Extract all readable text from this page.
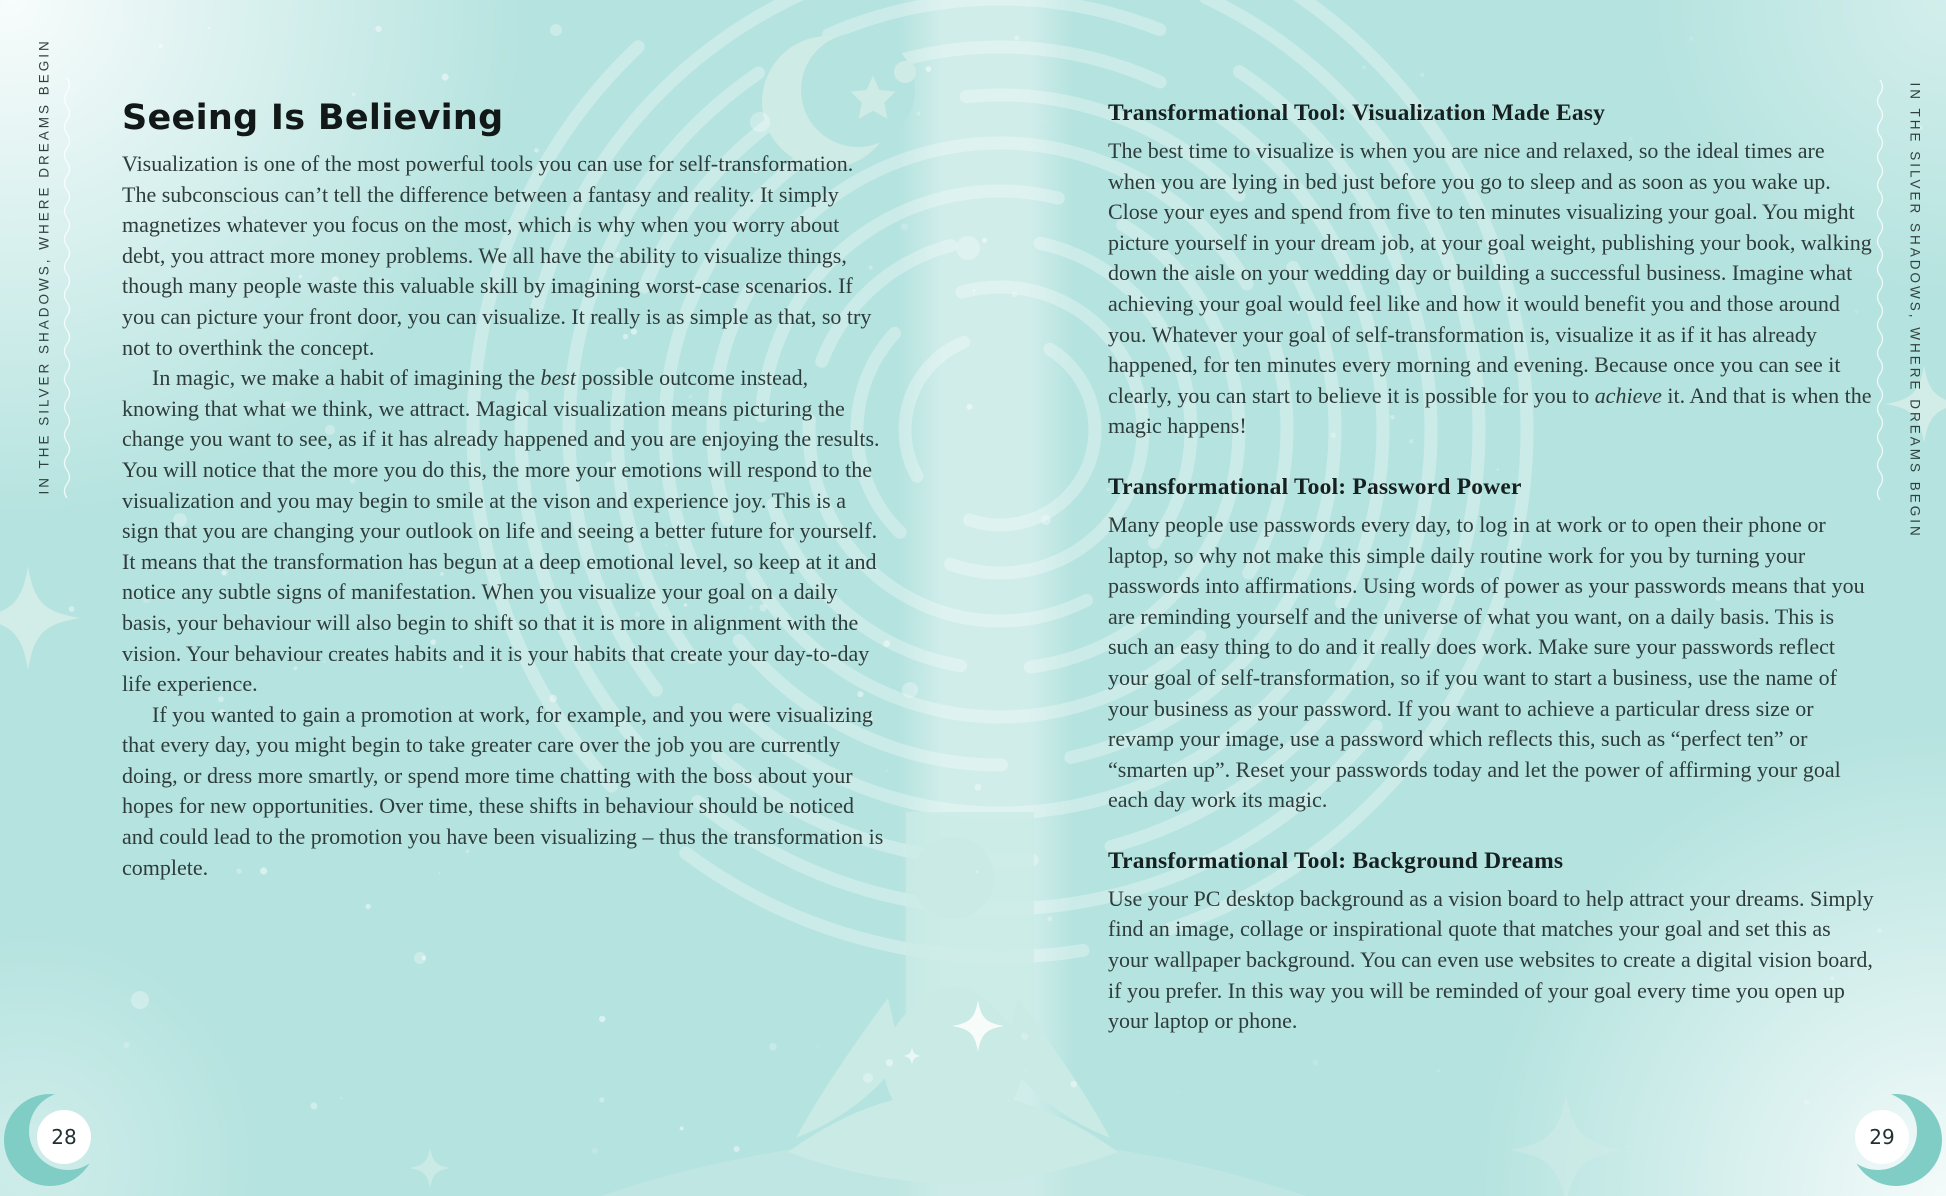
IN THE SILVER SHADOWS, WHERE DREAMS BEGIN	IN THE SILVER SHADOWS, WHERE DREAMS BEGIN
Seeing Is Believing

Visualization is one of the most powerful tools you can use for self-transformation. The subconscious can’t tell the difference between a fantasy and reality. It simply magnetizes whatever you focus on the most, which is why when you worry about debt, you attract more money problems. We all have the ability to visualize things, though many people waste this valuable skill by imagining worst-case scenarios. If you can picture your front door, you can visualize. It really is as simple as that, so try not to overthink the concept.

In magic, we make a habit of imagining the best possible outcome instead, knowing that what we think, we attract. Magical visualization means picturing the change you want to see, as if it has already happened and you are enjoying the results. You will notice that the more you do this, the more your emotions will respond to the visualization and you may begin to smile at the vison and experience joy. This is a sign that you are changing your outlook on life and seeing a better future for yourself. It means that the transformation has begun at a deep emotional level, so keep at it and notice any subtle signs of manifestation. When you visualize your goal on a daily basis, your behaviour will also begin to shift so that it is more in alignment with the vision. Your behaviour creates habits and it is your habits that create your day-to-day life experience.

If you wanted to gain a promotion at work, for example, and you were visualizing that every day, you might begin to take greater care over the job you are currently doing, or dress more smartly, or spend more time chatting with the boss about your hopes for new opportunities. Over time, these shifts in behaviour should be noticed and could lead to the promotion you have been visualizing – thus the transformation is complete.

Transformational Tool: Visualization Made Easy

The best time to visualize is when you are nice and relaxed, so the ideal times are when you are lying in bed just before you go to sleep and as soon as you wake up. Close your eyes and spend from five to ten minutes visualizing your goal. You might picture yourself in your dream job, at your goal weight, publishing your book, walking down the aisle on your wedding day or building a successful business. Imagine what achieving your goal would feel like and how it would benefit you and those around you. Whatever your goal of self-transformation is, visualize it as if it has already happened, for ten minutes every morning and evening. Because once you can see it clearly, you can start to believe it is possible for you to achieve it. And that is when the magic happens!

Transformational Tool: Password Power

Many people use passwords every day, to log in at work or to open their phone or laptop, so why not make this simple daily routine work for you by turning your passwords into affirmations. Using words of power as your passwords means that you are reminding yourself and the universe of what you want, on a daily basis. This is such an easy thing to do and it really does work. Make sure your passwords reflect your goal of self-transformation, so if you want to start a business, use the name of your business as your password. If you want to achieve a particular dress size or revamp your image, use a password which reflects this, such as “perfect ten” or “smarten up”. Reset your passwords today and let the power of affirming your goal each day work its magic.

Transformational Tool: Background Dreams

Use your PC desktop background as a vision board to help attract your dreams. Simply find an image, collage or inspirational quote that matches your goal and set this as your wallpaper background. You can even use websites to create a digital vision board, if you prefer. In this way you will be reminded of your goal every time you open up your laptop or phone.

28	29
